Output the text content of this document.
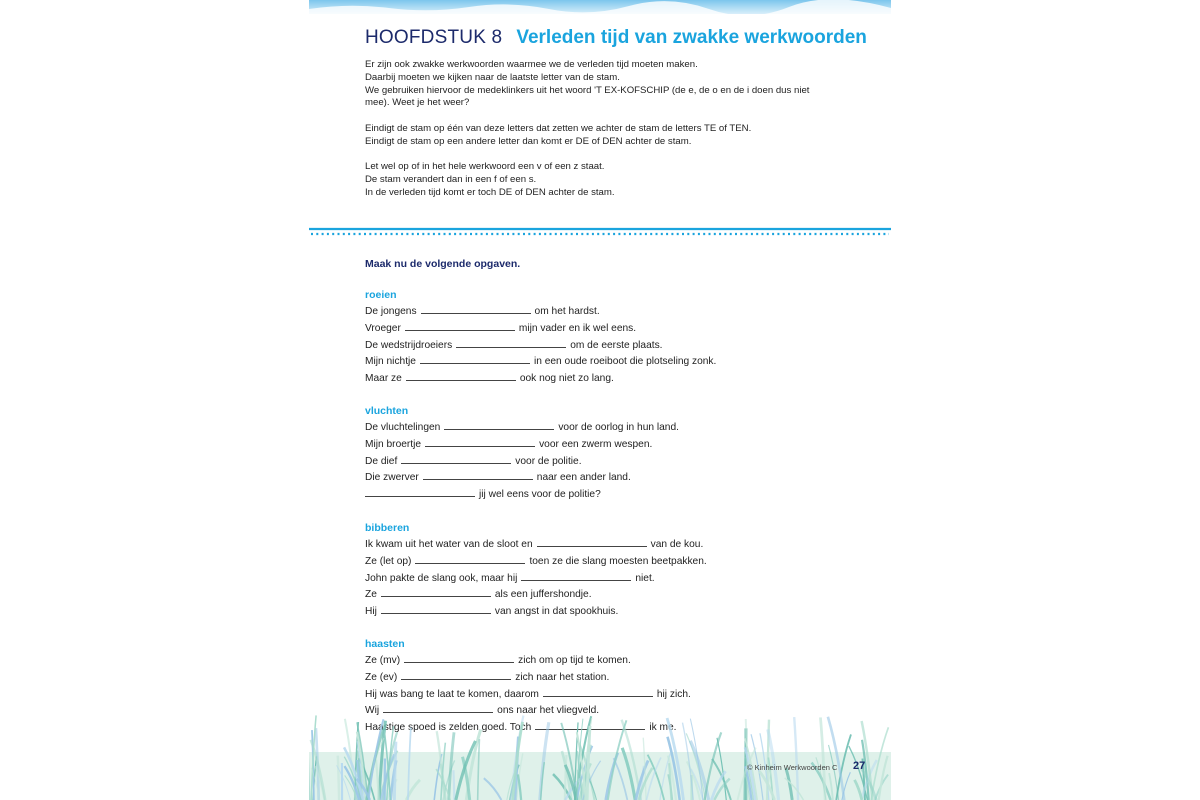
HOOFDSTUK 8 Verleden tijd van zwakke werkwoorden

Er zijn ook zwakke werkwoorden waarmee we de verleden tijd moeten maken.
Daarbij moeten we kijken naar de laatste letter van de stam.
We gebruiken hiervoor de medeklinkers uit het woord 'T EX-KOFSCHIP (de e, de o en de i doen dus niet
mee). Weet je het weer?

Eindigt de stam op één van deze letters dat zetten we achter de stam de letters TE of TEN.
Eindigt de stam op een andere letter dan komt er DE of DEN achter de stam.

Let wel op of in het hele werkwoord een v of een z staat.
De stam verandert dan in een f of een s.
In de verleden tijd komt er toch DE of DEN achter de stam.

Maak nu de volgende opgaven.
roeien
De jongens	om het hardst.
Vroeger	mijn vader en ik wel eens.
De wedstrijdroeiers	om de eerste plaats.
Mijn nichtje	in een oude roeiboot die plotseling zonk.
Maar ze	ook nog niet zo lang.
vluchten
De vluchtelingen	voor de oorlog in hun land.
Mijn broertje	voor een zwerm wespen.
De dief	voor de politie.
Die zwerver	naar een ander land.
jij wel eens voor de politie?
bibberen
Ik kwam uit het water van de sloot en	van de kou.
Ze (let op)	toen ze die slang moesten beetpakken.
John pakte de slang ook, maar hij	niet.
Ze	als een juffershondje.
Hij	van angst in dat spookhuis.
haasten
Ze (mv)	zich om op tijd te komen.
Ze (ev)	zich naar het station.
Hij was bang te laat te komen, daarom	hij zich.
Wij	ons naar het vliegveld.
Haastige spoed is zelden goed. Toch	ik me.
© Kinheim Werkwoorden C 27
